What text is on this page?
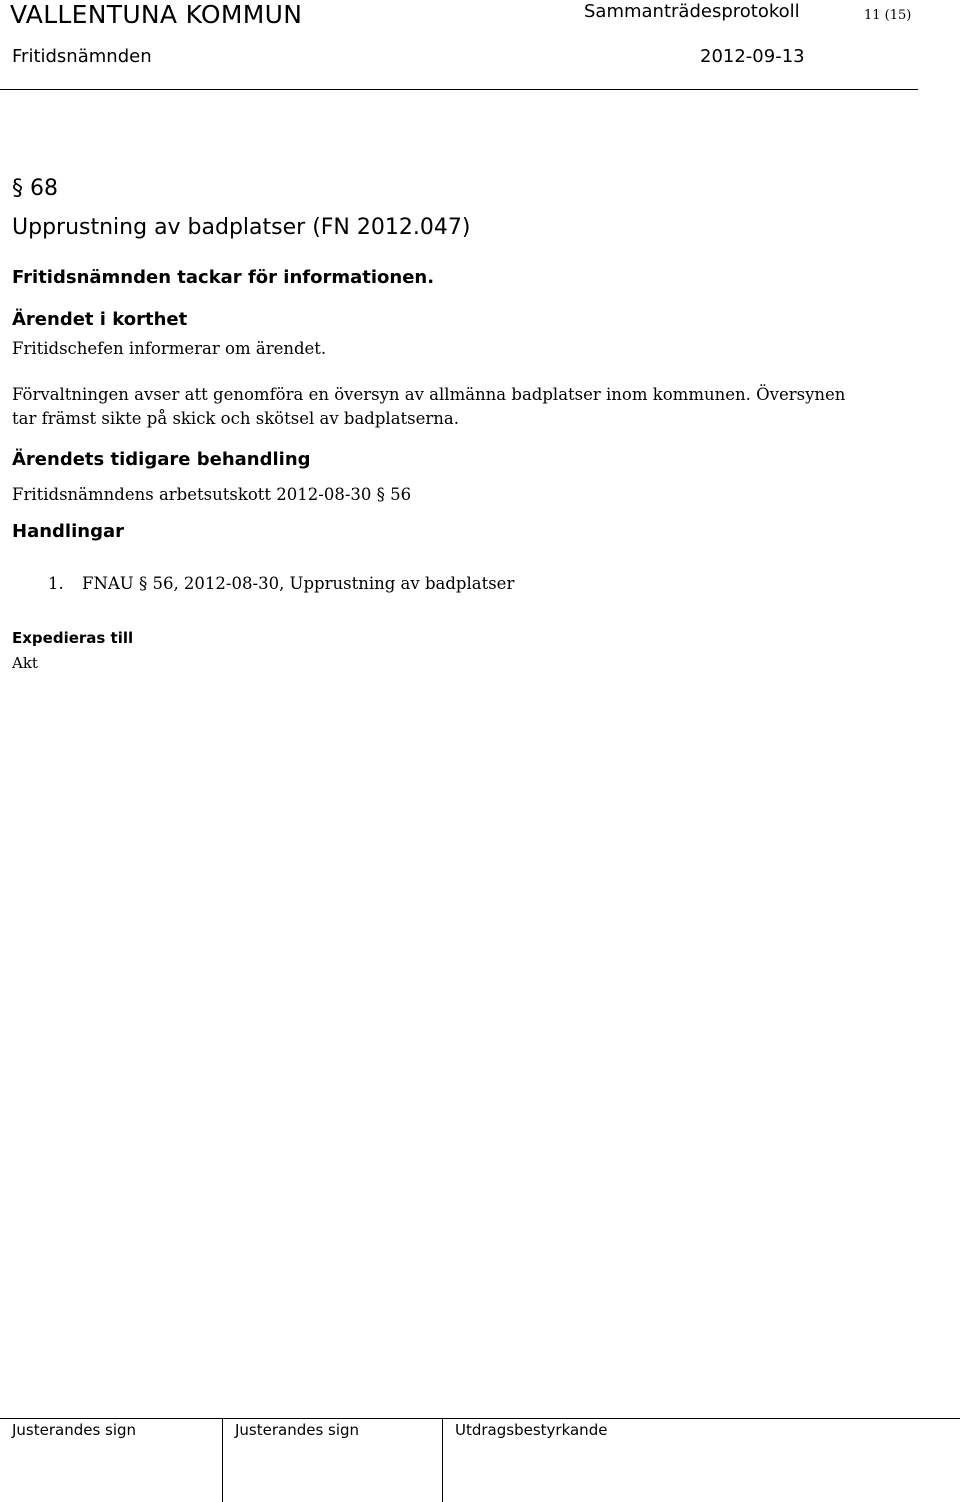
VALLENTUNA KOMMUN	Sammanträdesprotokoll	11 (15)
Fritidsnämnden	2012-09-13
§ 68
Upprustning av badplatser (FN 2012.047)
Fritidsnämnden tackar för informationen.
Ärendet i korthet
Fritidschefen informerar om ärendet.
Förvaltningen avser att genomföra en översyn av allmänna badplatser inom kommunen. Översynen
tar främst sikte på skick och skötsel av badplatserna.
Ärendets tidigare behandling
Fritidsnämndens arbetsutskott 2012-08-30 § 56
Handlingar
1. FNAU § 56, 2012-08-30, Upprustning av badplatser
Expedieras till
Akt
Justerandes sign	Justerandes sign	Utdragsbestyrkande
